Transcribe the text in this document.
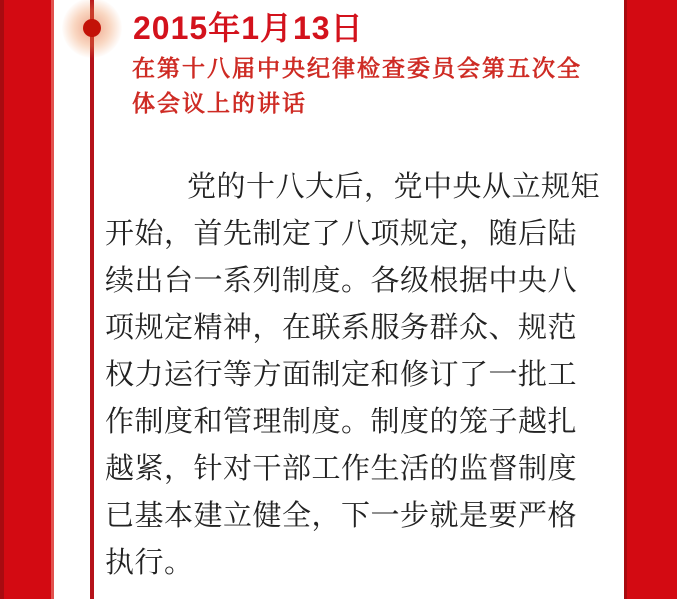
2015年1月13日
在第十八届中央纪律检查委员会第五次全
体会议上的讲话
党的十八大后，党中央从立规矩
开始，首先制定了八项规定，随后陆
续出台一系列制度。各级根据中央八
项规定精神，在联系服务群众、规范
权力运行等方面制定和修订了一批工
作制度和管理制度。制度的笼子越扎
越紧，针对干部工作生活的监督制度
已基本建立健全，下一步就是要严格
执行。
